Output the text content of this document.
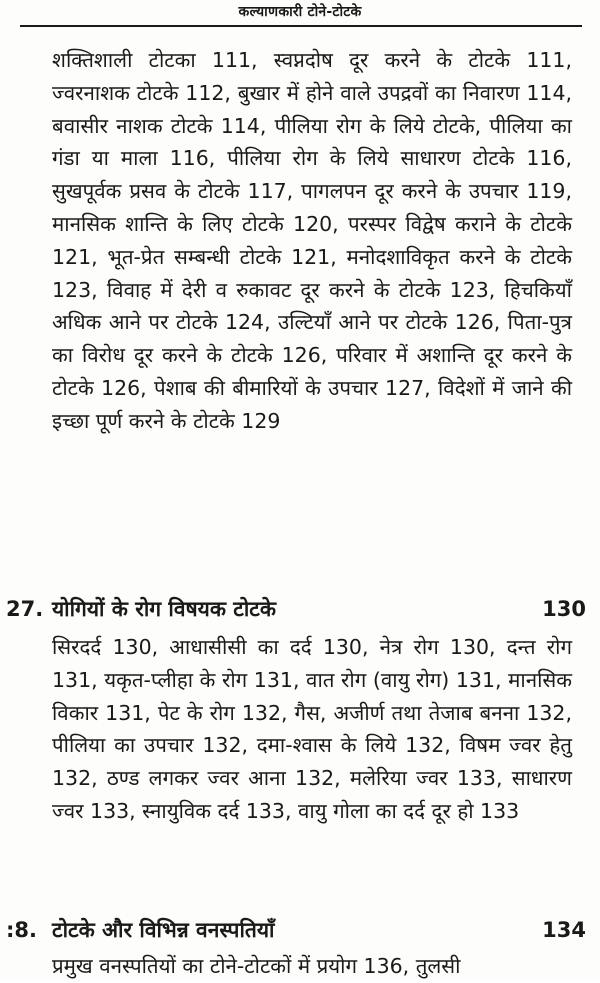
कल्याणकारी टोने-टोटके
शक्तिशाली टोटका 111, स्वप्नदोष दूर करने के टोटके 111, ज्वरनाशक टोटके 112, बुखार में होने वाले उपद्रवों का निवारण 114, बवासीर नाशक टोटके 114, पीलिया रोग के लिये टोटके, पीलिया का गंडा या माला 116, पीलिया रोग के लिये साधारण टोटके 116, सुखपूर्वक प्रसव के टोटके 117, पागलपन दूर करने के उपचार 119, मानसिक शान्ति के लिए टोटके 120, परस्पर विद्वेष कराने के टोटके 121, भूत-प्रेत सम्बन्धी टोटके 121, मनोदशाविकृत करने के टोटके 123, विवाह में देरी व रुकावट दूर करने के टोटके 123, हिचकियाँ अधिक आने पर टोटके 124, उल्टियाँ आने पर टोटके 126, पिता-पुत्र का विरोध दूर करने के टोटके 126, परिवार में अशान्ति दूर करने के टोटके 126, पेशाब की बीमारियों के उपचार 127, विदेशों में जाने की इच्छा पूर्ण करने के टोटके 129
27. योगियों के रोग विषयक टोटके	130
सिरदर्द 130, आधासीसी का दर्द 130, नेत्र रोग 130, दन्त रोग 131, यकृत-प्लीहा के रोग 131, वात रोग (वायु रोग) 131, मानसिक विकार 131, पेट के रोग 132, गैस, अजीर्ण तथा तेजाब बनना 132, पीलिया का उपचार 132, दमा-श्वास के लिये 132, विषम ज्वर हेतु 132, ठण्ड लगकर ज्वर आना 132, मलेरिया ज्वर 133, साधारण ज्वर 133, स्नायुविक दर्द 133, वायु गोला का दर्द दूर हो 133
:8. टोटके और विभिन्न वनस्पतियाँ	134
प्रमुख वनस्पतियों का टोने-टोटकों में प्रयोग 136, तुलसी
